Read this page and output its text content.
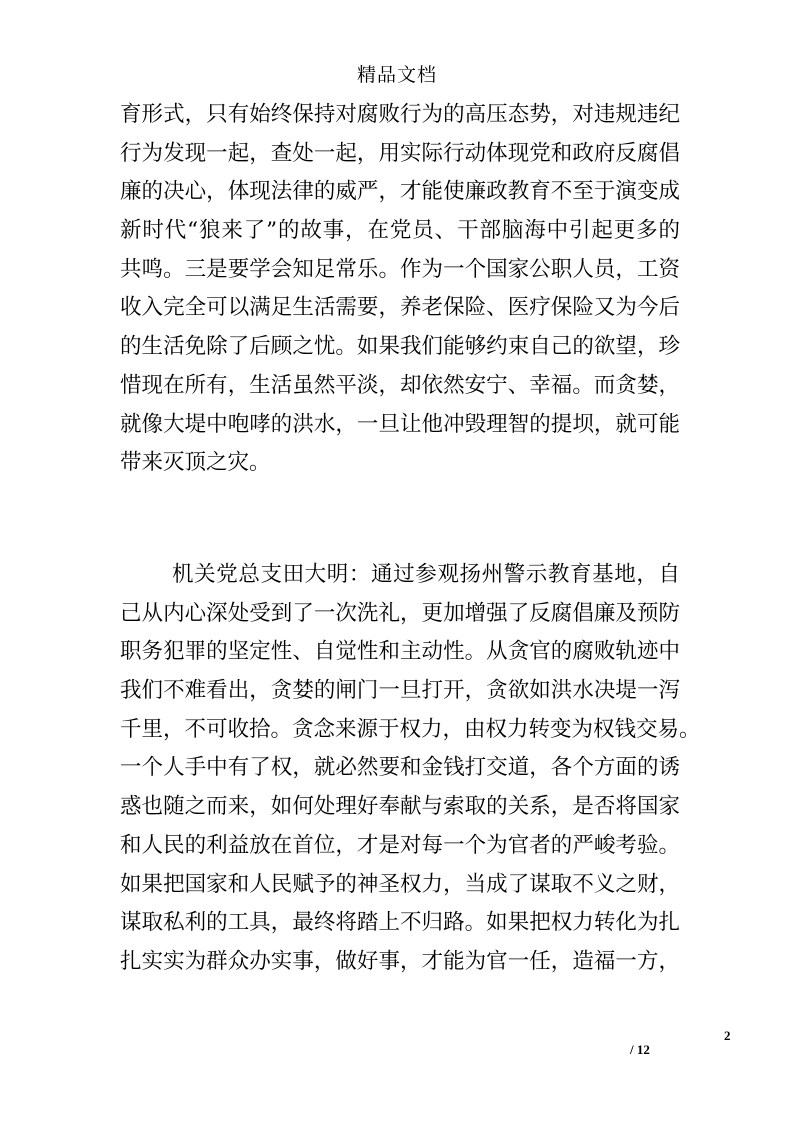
精品文档
育形式，只有始终保持对腐败行为的高压态势，对违规违纪
行为发现一起，查处一起，用实际行动体现党和政府反腐倡
廉的决心，体现法律的威严，才能使廉政教育不至于演变成
新时代“狼来了”的故事，在党员、干部脑海中引起更多的
共鸣。三是要学会知足常乐。作为一个国家公职人员，工资
收入完全可以满足生活需要，养老保险、医疗保险又为今后
的生活免除了后顾之忧。如果我们能够约束自己的欲望，珍
惜现在所有，生活虽然平淡，却依然安宁、幸福。而贪婪，
就像大堤中咆哮的洪水，一旦让他冲毁理智的提坝，就可能
带来灭顶之灾。
机关党总支田大明：通过参观扬州警示教育基地，自
己从内心深处受到了一次洗礼，更加增强了反腐倡廉及预防
职务犯罪的坚定性、自觉性和主动性。从贪官的腐败轨迹中
我们不难看出，贪婪的闸门一旦打开，贪欲如洪水决堤一泻
千里，不可收拾。贪念来源于权力，由权力转变为权钱交易。
一个人手中有了权，就必然要和金钱打交道，各个方面的诱
惑也随之而来，如何处理好奉献与索取的关系，是否将国家
和人民的利益放在首位，才是对每一个为官者的严峻考验。
如果把国家和人民赋予的神圣权力，当成了谋取不义之财，
谋取私利的工具，最终将踏上不归路。如果把权力转化为扎
扎实实为群众办实事，做好事，才能为官一任，造福一方，
2
/ 12
